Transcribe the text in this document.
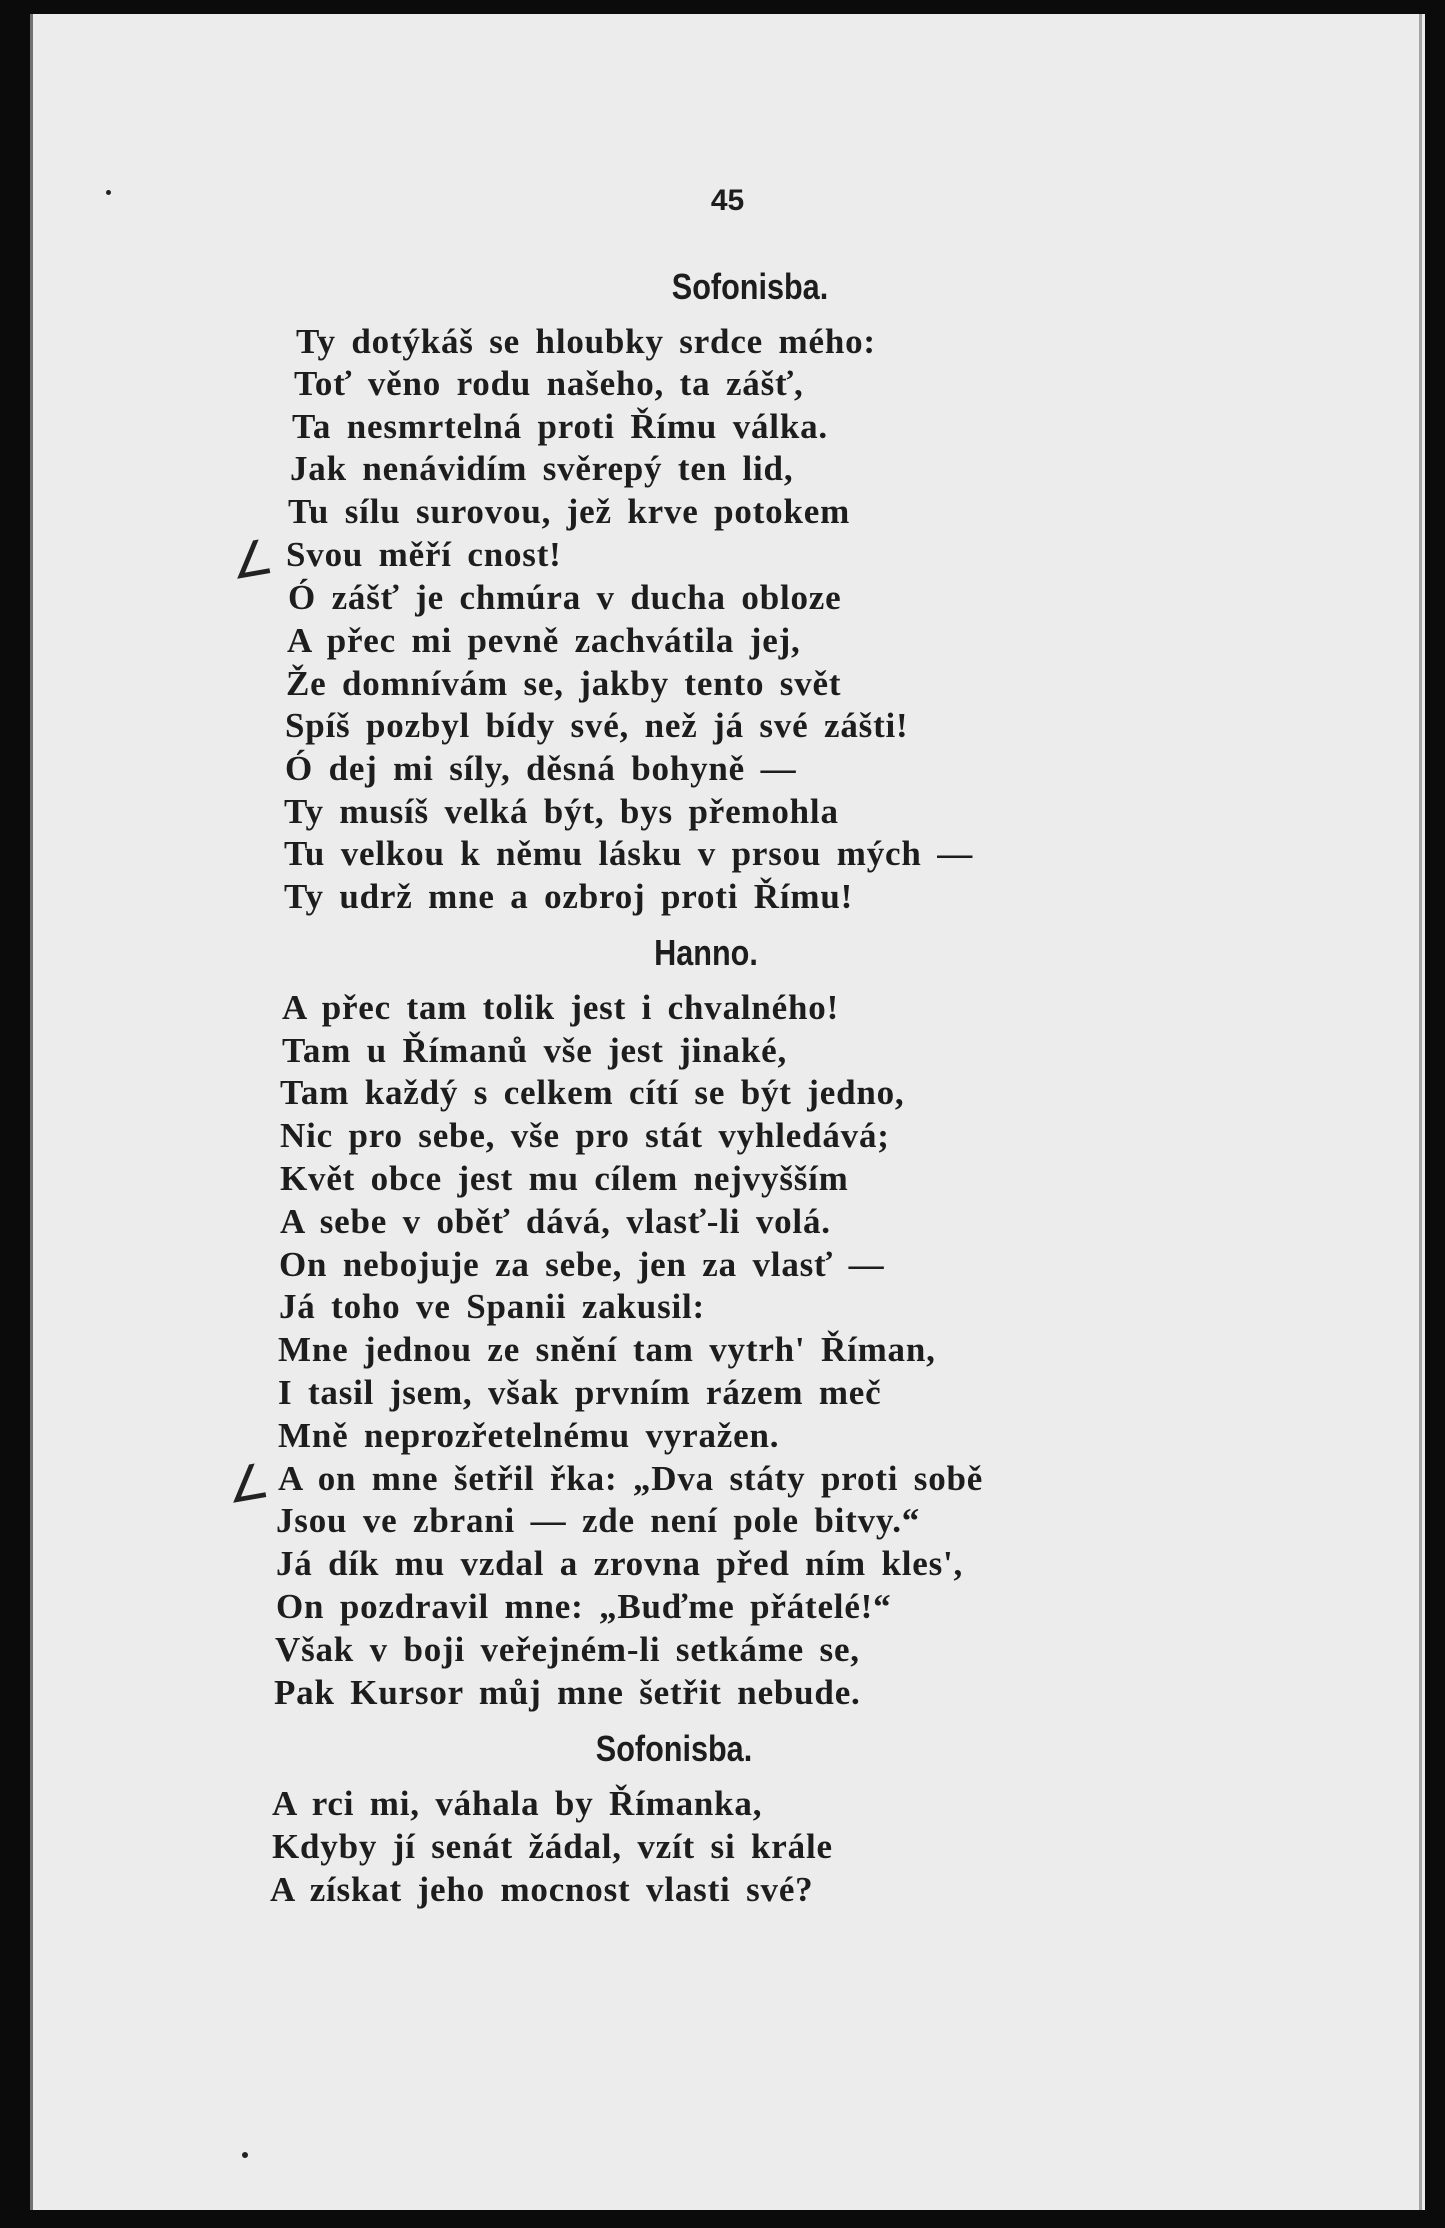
45
Sofonisba.
Ty dotýkáš se hloubky srdce mého:
Toť věno rodu našeho, ta zášť,
Ta nesmrtelná proti Římu válka.
Jak nenávidím svěrepý ten lid,
Tu sílu surovou, jež krve potokem
Svou měří cnost!
Ó zášť je chmúra v ducha obloze
A přec mi pevně zachvátila jej,
Že domnívám se, jakby tento svět
Spíš pozbyl bídy své, než já své zášti!
Ó dej mi síly, děsná bohyně —
Ty musíš velká být, bys přemohla
Tu velkou k němu lásku v prsou mých —
Ty udrž mne a ozbroj proti Římu!
Hanno.
A přec tam tolik jest i chvalného!
Tam u Římanů vše jest jinaké,
Tam každý s celkem cítí se být jedno,
Nic pro sebe, vše pro stát vyhledává;
Květ obce jest mu cílem nejvyšším
A sebe v oběť dává, vlasť-li volá.
On nebojuje za sebe, jen za vlasť —
Já toho ve Spanii zakusil:
Mne jednou ze snění tam vytrh' Říman,
I tasil jsem, však prvním rázem meč
Mně neprozřetelnému vyražen.
A on mne šetřil řka: „Dva státy proti sobě
Jsou ve zbrani — zde není pole bitvy.“
Já dík mu vzdal a zrovna před ním kles',
On pozdravil mne: „Buďme přátelé!“
Však v boji veřejném-li setkáme se,
Pak Kursor můj mne šetřit nebude.
Sofonisba.
A rci mi, váhala by Římanka,
Kdyby jí senát žádal, vzít si krále
A získat jeho mocnost vlasti své?
∠
∠
